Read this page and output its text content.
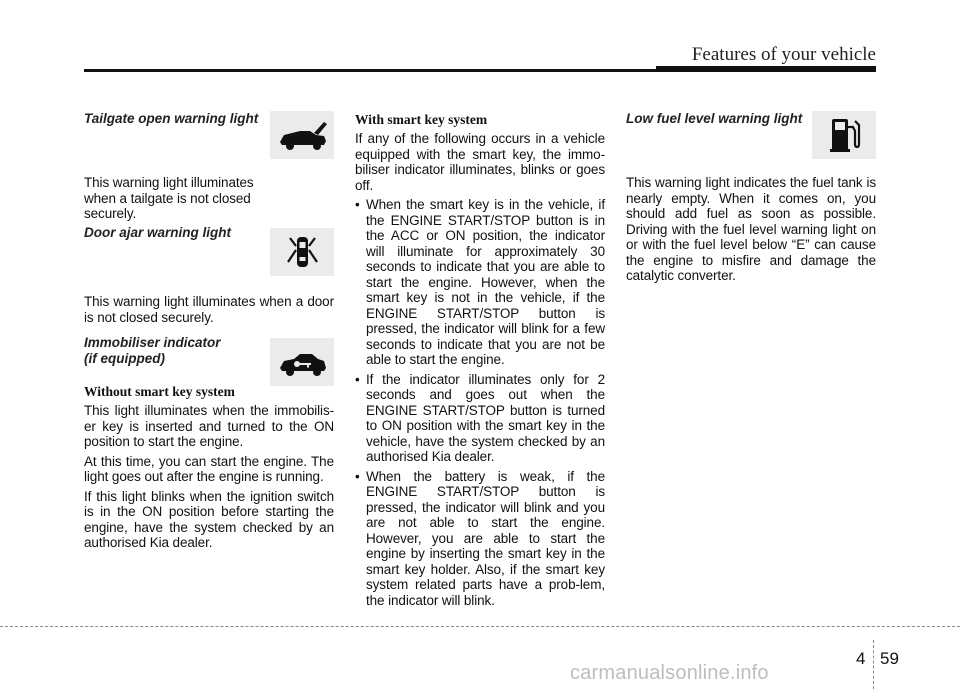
Features of your vehicle
Tailgate open warning light

This warning light illuminates when a tailgate is not closed securely.

Door ajar warning light

This warning light illuminates when a door is not closed securely.

Immobiliser indicator
(if equipped)
Without smart key system

This light illuminates when the immobilis-er key is inserted and turned to the ON position to start the engine.

At this time, you can start the engine. The light goes out after the engine is running.

If this light blinks when the ignition switch is in the ON position before starting the engine, have the system checked by an authorised Kia dealer.

With smart key system

If any of the following occurs in a vehicle equipped with the smart key, the immo-biliser indicator illuminates, blinks or goes off.

• When the smart key is in the vehicle, if the ENGINE START/STOP button is in the ACC or ON position, the indicator will illuminate for approximately 30 seconds to indicate that you are able to start the engine. However, when the smart key is not in the vehicle, if the ENGINE START/STOP button is pressed, the indicator will blink for a few seconds to indicate that you are not be able to start the engine.
• If the indicator illuminates only for 2 seconds and goes out when the ENGINE START/STOP button is turned to ON position with the smart key in the vehicle, have the system checked by an authorised Kia dealer.
• When the battery is weak, if the ENGINE START/STOP button is pressed, the indicator will blink and you are not able to start the engine. However, you are able to start the engine by inserting the smart key in the smart key holder. Also, if the smart key system related parts have a prob-lem, the indicator will blink.
Low fuel level warning light

This warning light indicates the fuel tank is nearly empty. When it comes on, you should add fuel as soon as possible. Driving with the fuel level warning light on or with the fuel level below “E” can cause the engine to misfire and damage the catalytic converter.

4 59
carmanualsonline.info
